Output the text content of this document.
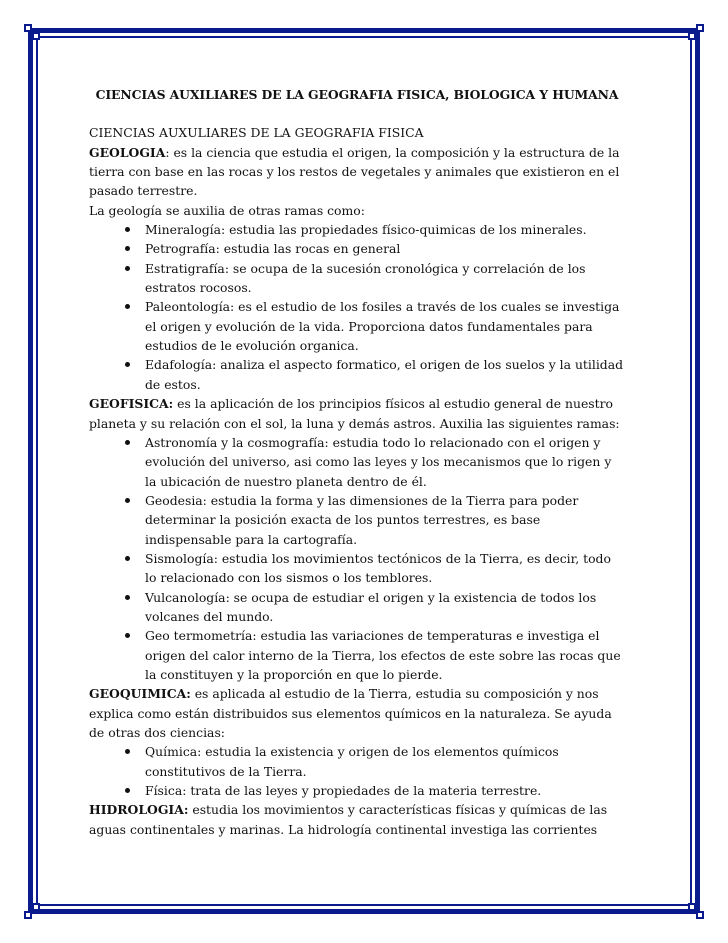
CIENCIAS AUXILIARES DE LA GEOGRAFIA FISICA, BIOLOGICA Y HUMANA

CIENCIAS AUXULIARES DE LA GEOGRAFIA FISICA

GEOLOGIA: es la ciencia que estudia el origen, la composición y la estructura de la tierra con base en las rocas y los restos de vegetales y animales que existieron en el pasado terrestre.

La geología se auxilia de otras ramas como:

Mineralogía: estudia las propiedades físico-quimicas de los minerales.
Petrografía: estudia las rocas en general
Estratigrafía: se ocupa de la sucesión cronológica y correlación de los estratos rocosos.
Paleontología: es el estudio de los fosiles a través de los cuales se investiga el origen y evolución de la vida. Proporciona datos fundamentales para estudios de le evolución organica.
Edafología: analiza el aspecto formatico, el origen de los suelos y la utilidad de estos.

GEOFISICA: es la aplicación de los principios físicos al estudio general de nuestro planeta y su relación con el sol, la luna y demás astros. Auxilia las siguientes ramas:

Astronomía y la cosmografía: estudia todo lo relacionado con el origen y evolución del universo, asi como las leyes y los mecanismos que lo rigen y la ubicación de nuestro planeta dentro de él.
Geodesia: estudia la forma y las dimensiones de la Tierra para poder determinar la posición exacta de los puntos terrestres, es base indispensable para la cartografía.
Sismología: estudia los movimientos tectónicos de la Tierra, es decir, todo lo relacionado con los sismos o los temblores.
Vulcanología: se ocupa de estudiar el origen y la existencia de todos los volcanes del mundo.
Geo termometría: estudia las variaciones de temperaturas e investiga el origen del calor interno de la Tierra, los efectos de este sobre las rocas que la constituyen y la proporción en que lo pierde.

GEOQUIMICA: es aplicada al estudio de la Tierra, estudia su composición y nos explica como están distribuidos sus elementos químicos en la naturaleza. Se ayuda de otras dos ciencias:

Química: estudia la existencia y origen de los elementos químicos constitutivos de la Tierra.
Física: trata de las leyes y propiedades de la materia terrestre.

HIDROLOGIA: estudia los movimientos y características físicas y químicas de las aguas continentales y marinas. La hidrología continental investiga las corrientes
